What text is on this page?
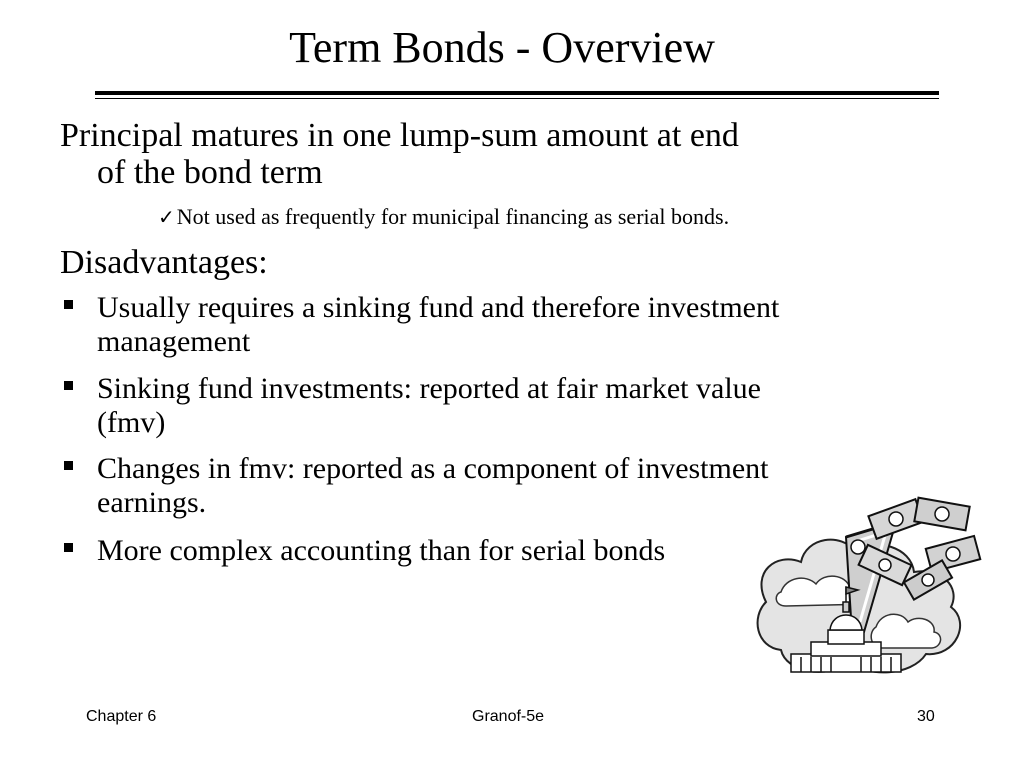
Term Bonds - Overview
Principal matures in one lump-sum amount at end
of the bond term
✓Not used as frequently for municipal financing as serial bonds.
Disadvantages:
Usually requires a sinking fund and therefore investment
management
Sinking fund investments: reported at fair market value
(fmv)
Changes in fmv: reported as a component of investment
earnings.
More complex accounting than for serial bonds
Chapter 6	Granof-5e	30
